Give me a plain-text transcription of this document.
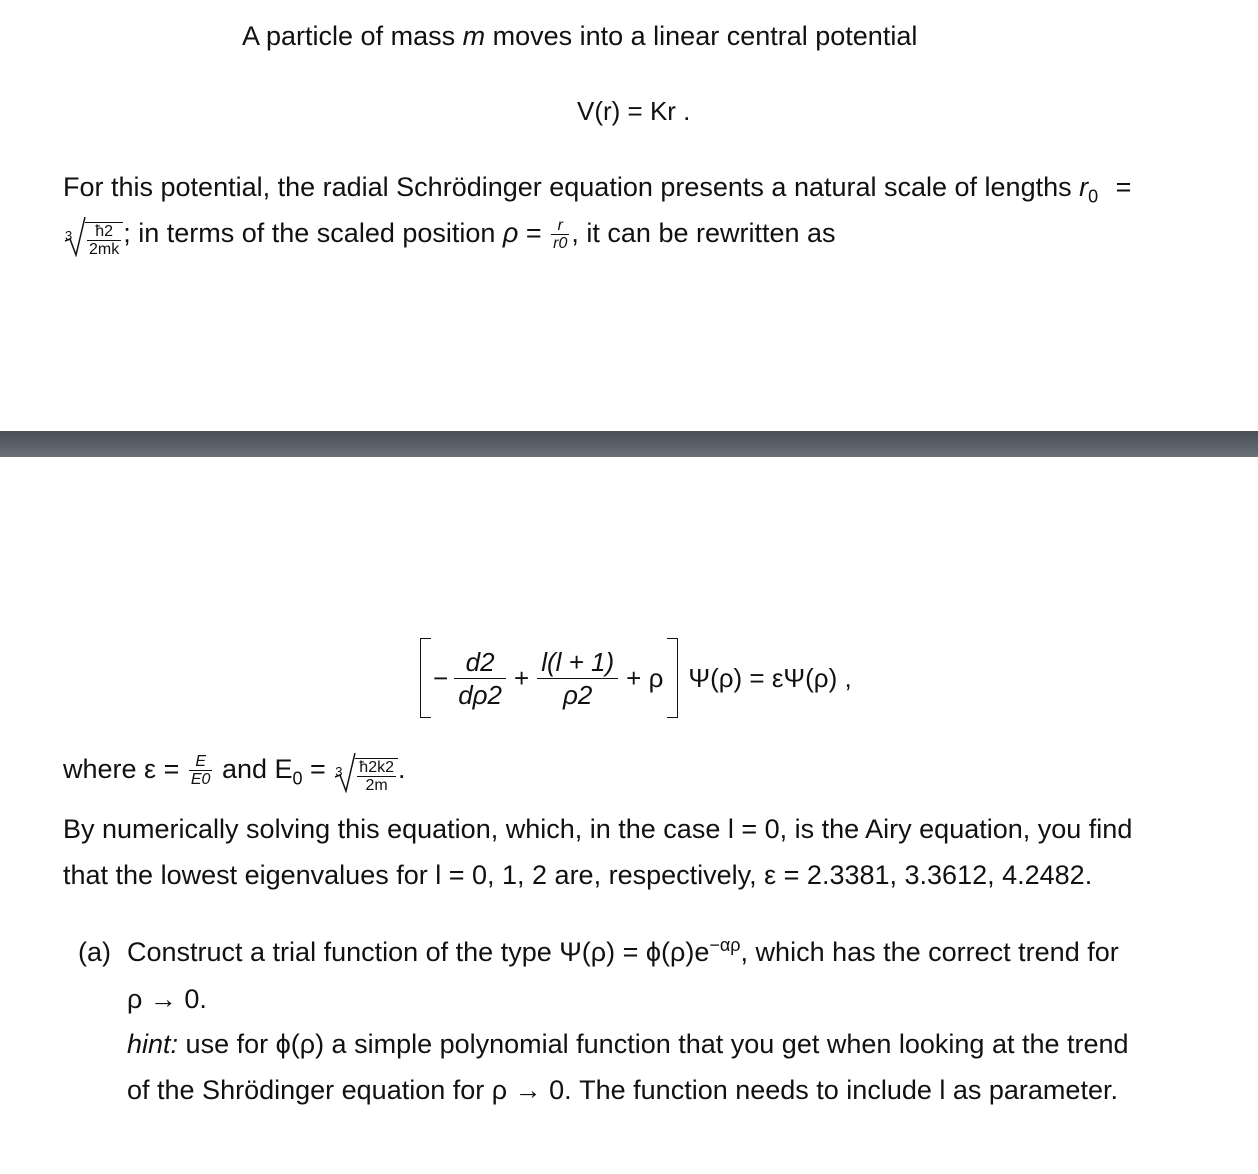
A particle of mass m moves into a linear central potential
V(r) = Kr .
For this potential, the radial Schrödinger equation presents a natural scale of lengths $r_0$ =
$3 \frac{ħ2}{2mk}$ ; in terms of the scaled position $\rho = \frac{r}{r0}$ , it can be rewritten as
− $\frac{d2}{d\rho 2} + \frac{l(l + 1)}{\rho 2} + \rho$ Ψ(ρ) = εΨ(ρ) ,
where $\varepsilon = \frac{E}{E0}$ and $E_0 = 3 \frac{ħ2k2}{2m}$ .
By numerically solving this equation, which, in the case l = 0, is the Airy equation, you find
that the lowest eigenvalues for l = 0, 1, 2 are, respectively, ε = 2.3381, 3.3612, 4.2482.
(a) Construct a trial function of the type $\Psi(\rho) = \phi(\rho)e^{-\alpha\rho}$, which has the correct trend for
ρ → 0.
hint: use for ϕ(ρ) a simple polynomial function that you get when looking at the trend
of the Shrödinger equation for ρ → 0. The function needs to include l as parameter.
